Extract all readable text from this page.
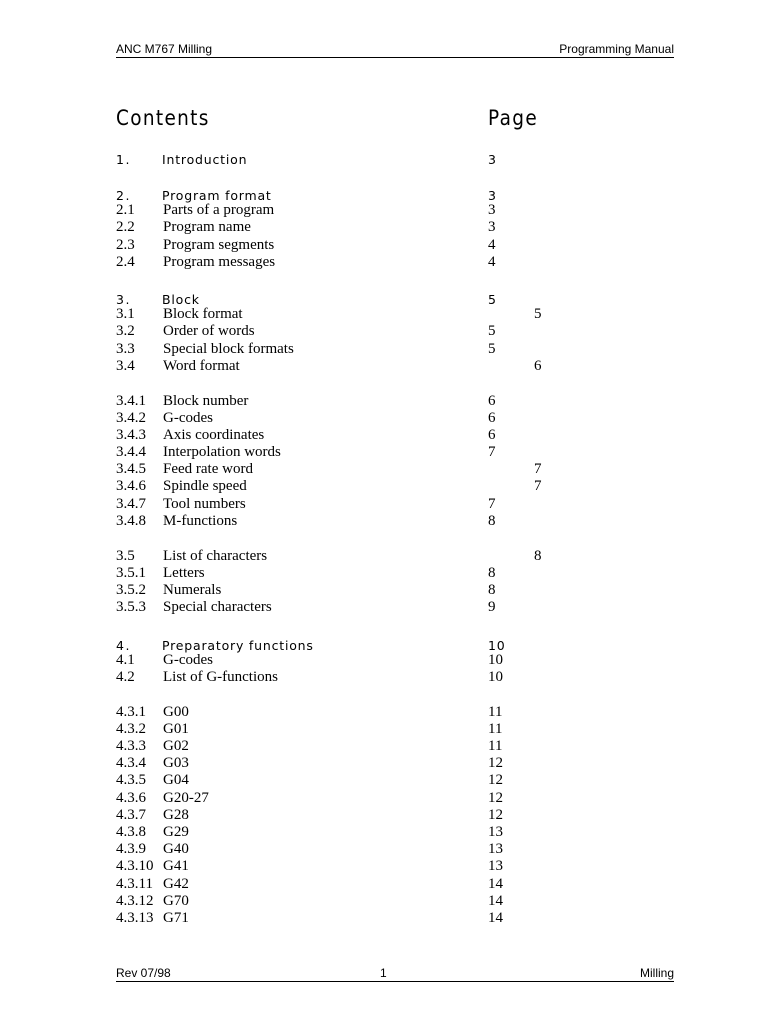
ANC M767 Milling	Programming Manual
Contents	Page
1. Introduction	3
2. Program format	3
2.1 Parts of a program	3
2.2 Program name	3
2.3 Program segments	4
2.4 Program messages	4
3. Block	5
3.1 Block format	5
3.2 Order of words	5
3.3 Special block formats	5
3.4 Word format	6
3.4.1 Block number	6
3.4.2 G-codes	6
3.4.3 Axis coordinates	6
3.4.4 Interpolation words	7
3.4.5 Feed rate word	7
3.4.6 Spindle speed	7
3.4.7 Tool numbers	7
3.4.8 M-functions	8
3.5 List of characters	8
3.5.1 Letters	8
3.5.2 Numerals	8
3.5.3 Special characters	9
4. Preparatory functions	10
4.1 G-codes	10
4.2 List of G-functions	10
4.3.1 G00	11
4.3.2 G01	11
4.3.3 G02	11
4.3.4 G03	12
4.3.5 G04	12
4.3.6 G20-27	12
4.3.7 G28	12
4.3.8 G29	13
4.3.9 G40	13
4.3.10 G41	13
4.3.11 G42	14
4.3.12 G70	14
4.3.13 G71	14
Rev 07/98	1	Milling
